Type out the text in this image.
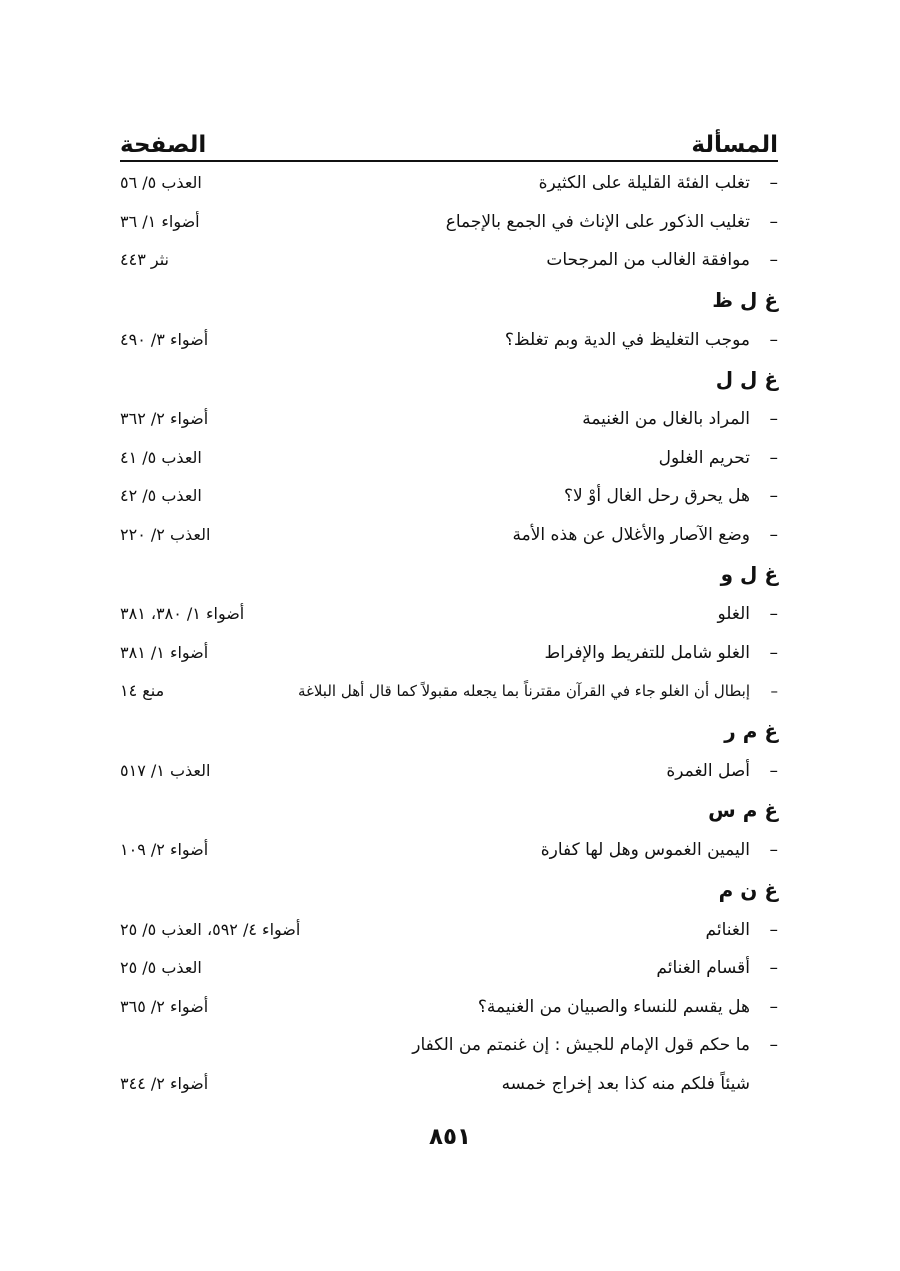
المسألة
الصفحة
–تغلب الفئة القليلة على الكثيرة
العذب ٥/ ٥٦
–تغليب الذكور على الإناث في الجمع بالإجماع
أضواء ١/ ٣٦
–موافقة الغالب من المرجحات
نثر ٤٤٣
غ ل ظ
–موجب التغليظ في الدية وبم تغلظ؟
أضواء ٣/ ٤٩٠
غ ل ل
–المراد بالغال من الغنيمة
أضواء ٢/ ٣٦٢
–تحريم الغلول
العذب ٥/ ٤١
–هل يحرق رحل الغال أوْ لا؟
العذب ٥/ ٤٢
–وضع الآصار والأغلال عن هذه الأمة
العذب ٢/ ٢٢٠
غ ل و
–الغلو
أضواء ١/ ٣٨٠، ٣٨١
–الغلو شامل للتفريط والإفراط
أضواء ١/ ٣٨١
–إبطال أن الغلو جاء في القرآن مقترناً بما يجعله مقبولاً كما قال أهل البلاغة
منع ١٤
غ م ر
–أصل الغمرة
العذب ١/ ٥١٧
غ م س
–اليمين الغموس وهل لها كفارة
أضواء ٢/ ١٠٩
غ ن م
–الغنائم
أضواء ٤/ ٥٩٢، العذب ٥/ ٢٥
–أقسام الغنائم
العذب ٥/ ٢٥
–هل يقسم للنساء والصبيان من الغنيمة؟
أضواء ٢/ ٣٦٥
–ما حكم قول الإمام للجيش : إن غنمتم من الكفار
شيئاً فلكم منه كذا بعد إخراج خمسه
أضواء ٢/ ٣٤٤
٨٥١
